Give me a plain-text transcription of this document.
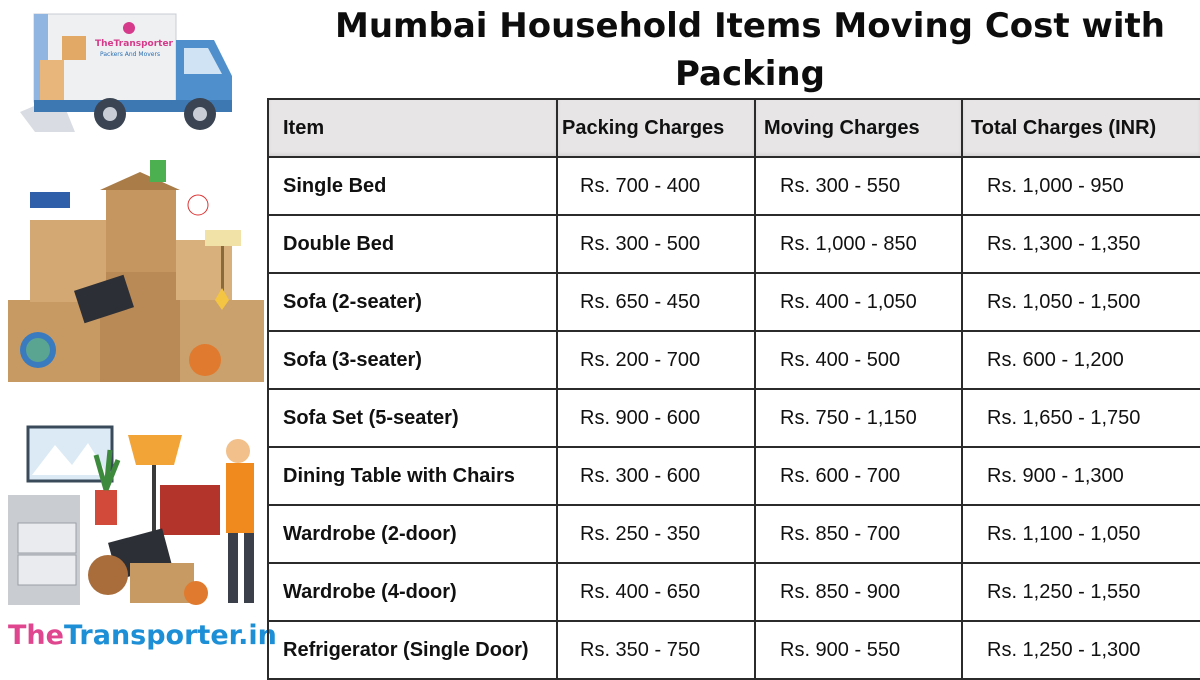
Mumbai Household Items Moving Cost with Packing
TheTransporter
Packers And Movers
TheTransporter.in
Item	Packing Charges	Moving Charges	Total Charges (INR)
Single Bed	Rs. 700 - 400	Rs. 300 - 550	Rs. 1,000 - 950
Double Bed	Rs. 300 - 500	Rs. 1,000 - 850	Rs. 1,300 - 1,350
Sofa (2-seater)	Rs. 650 - 450	Rs. 400 - 1,050	Rs. 1,050 - 1,500
Sofa (3-seater)	Rs. 200 - 700	Rs. 400 - 500	Rs. 600 - 1,200
Sofa Set (5-seater)	Rs. 900 - 600	Rs. 750 - 1,150	Rs. 1,650 - 1,750
Dining Table with Chairs	Rs. 300 - 600	Rs. 600 - 700	Rs. 900 - 1,300
Wardrobe (2-door)	Rs. 250 - 350	Rs. 850 - 700	Rs. 1,100 - 1,050
Wardrobe (4-door)	Rs. 400 - 650	Rs. 850 - 900	Rs. 1,250 - 1,550
Refrigerator (Single Door)	Rs. 350 - 750	Rs. 900 - 550	Rs. 1,250 - 1,300
